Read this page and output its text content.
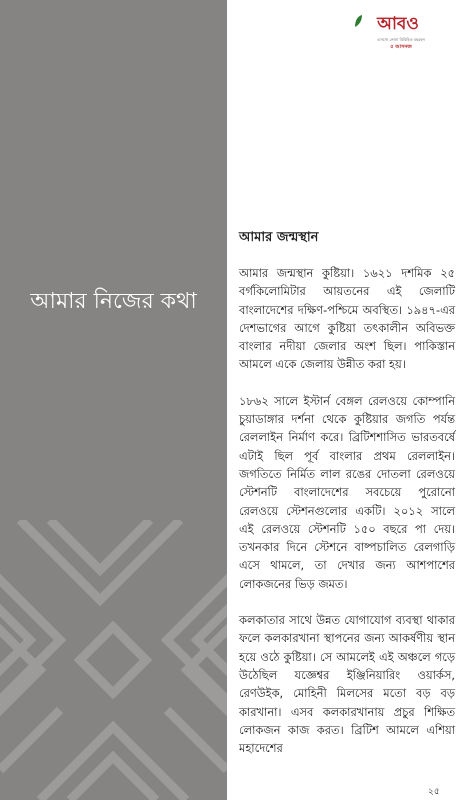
আমার নিজের কথা
আবও
এসসো নেজা বিবিহিত বহরহন
৫ আসনজ
আমার জন্মস্থান

আমার জন্মস্থান কুষ্টিয়া। ১৬২১ দশমিক ২৫ বর্গকিলোমিটার আয়তনের এই জেলাটি বাংলাদেশের দক্ষিণ-পশ্চিমে অবস্থিত। ১৯৪৭-এর দেশভাগের আগে কুষ্টিয়া তৎকালীন অবিভক্ত বাংলার নদীয়া জেলার অংশ ছিল। পাকিস্তান আমলে একে জেলায় উন্নীত করা হয়।

১৮৬২ সালে ইস্টার্ন বেঙ্গল রেলওয়ে কোম্পানি চুয়াডাঙ্গার দর্শনা থেকে কুষ্টিয়ার জগতি পর্যন্ত রেললাইন নির্মাণ করে। ব্রিটিশশাসিত ভারতবর্ষে এটাই ছিল পূর্ব বাংলার প্রথম রেললাইন। জগতিতে নির্মিত লাল রঙের দোতলা রেলওয়ে স্টেশনটি বাংলাদেশের সবচেয়ে পুরোনো রেলওয়ে স্টেশনগুলোর একটি। ২০১২ সালে এই রেলওয়ে স্টেশনটি ১৫০ বছরে পা দেয়। তখনকার দিনে স্টেশনে বাষ্পচালিত রেলগাড়ি এসে থামলে, তা দেখার জন্য আশপাশের লোকজনের ভিড় জমত।

কলকাতার সাথে উন্নত যোগাযোগ ব্যবস্থা থাকার ফলে কলকারখানা স্থাপনের জন্য আকর্ষণীয় স্থান হয়ে ওঠে কুষ্টিয়া। সে আমলেই এই অঞ্চলে গড়ে উঠেছিল যজ্ঞেশ্বর ইঞ্জিনিয়ারিং ওয়ার্কস, রেণউইক, মোহিনী মিলসের মতো বড় বড় কারখানা। এসব কলকারখানায় প্রচুর শিক্ষিত লোকজন কাজ করত। ব্রিটিশ আমলে এশিয়া মহাদেশের

২৫
